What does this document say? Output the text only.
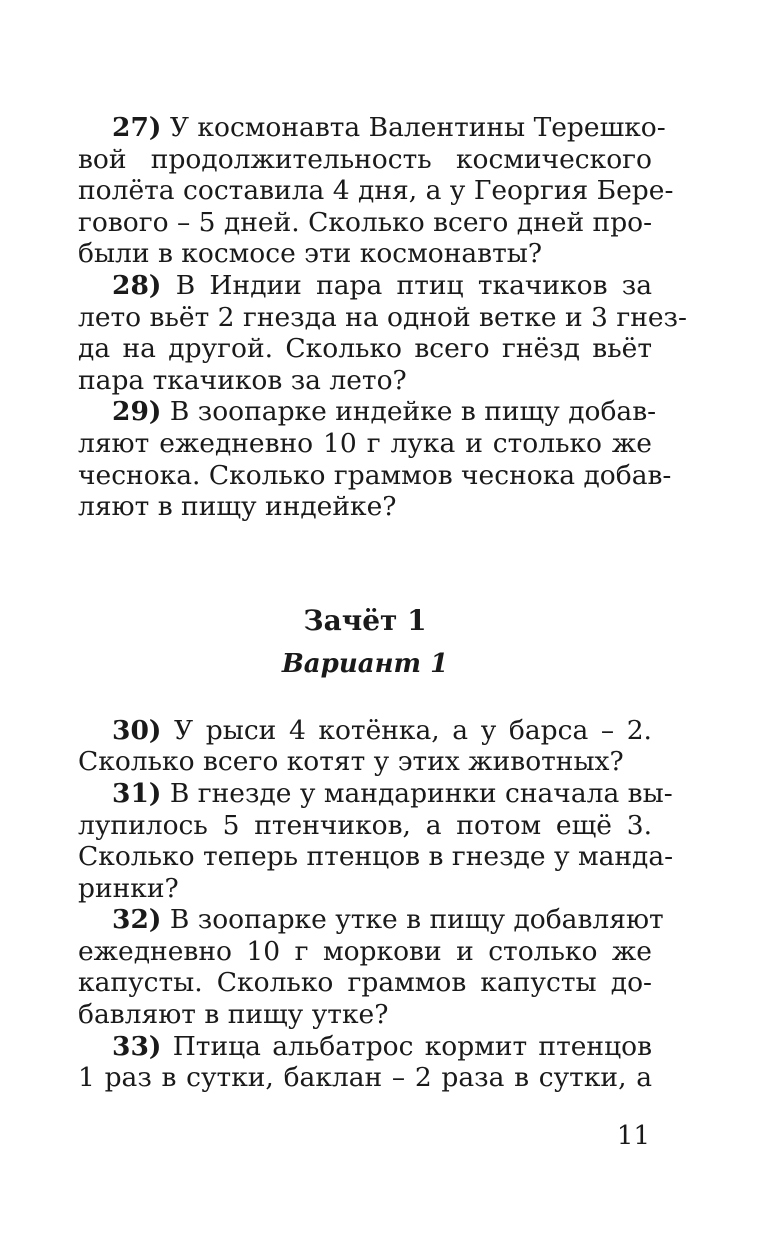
27) У космонавта Валентины Терешко-
вой продолжительность космического
полёта составила 4 дня, а у Георгия Бере-
гового – 5 дней. Сколько всего дней про-
были в космосе эти космонавты?
28) В Индии пара птиц ткачиков за
лето вьёт 2 гнезда на одной ветке и 3 гнез-
да на другой. Сколько всего гнёзд вьёт
пара ткачиков за лето?
29) В зоопарке индейке в пищу добав-
ляют ежедневно 10 г лука и столько же
чеснока. Сколько граммов чеснока добав-
ляют в пищу индейке?
Зачёт 1
Вариант 1
30) У рыси 4 котёнка, а у барса – 2.
Сколько всего котят у этих животных?
31) В гнезде у мандаринки сначала вы-
лупилось 5 птенчиков, а потом ещё 3.
Сколько теперь птенцов в гнезде у манда-
ринки?
32) В зоопарке утке в пищу добавляют
ежедневно 10 г моркови и столько же
капусты. Сколько граммов капусты до-
бавляют в пищу утке?
33) Птица альбатрос кормит птенцов
1 раз в сутки, баклан – 2 раза в сутки, а
11
